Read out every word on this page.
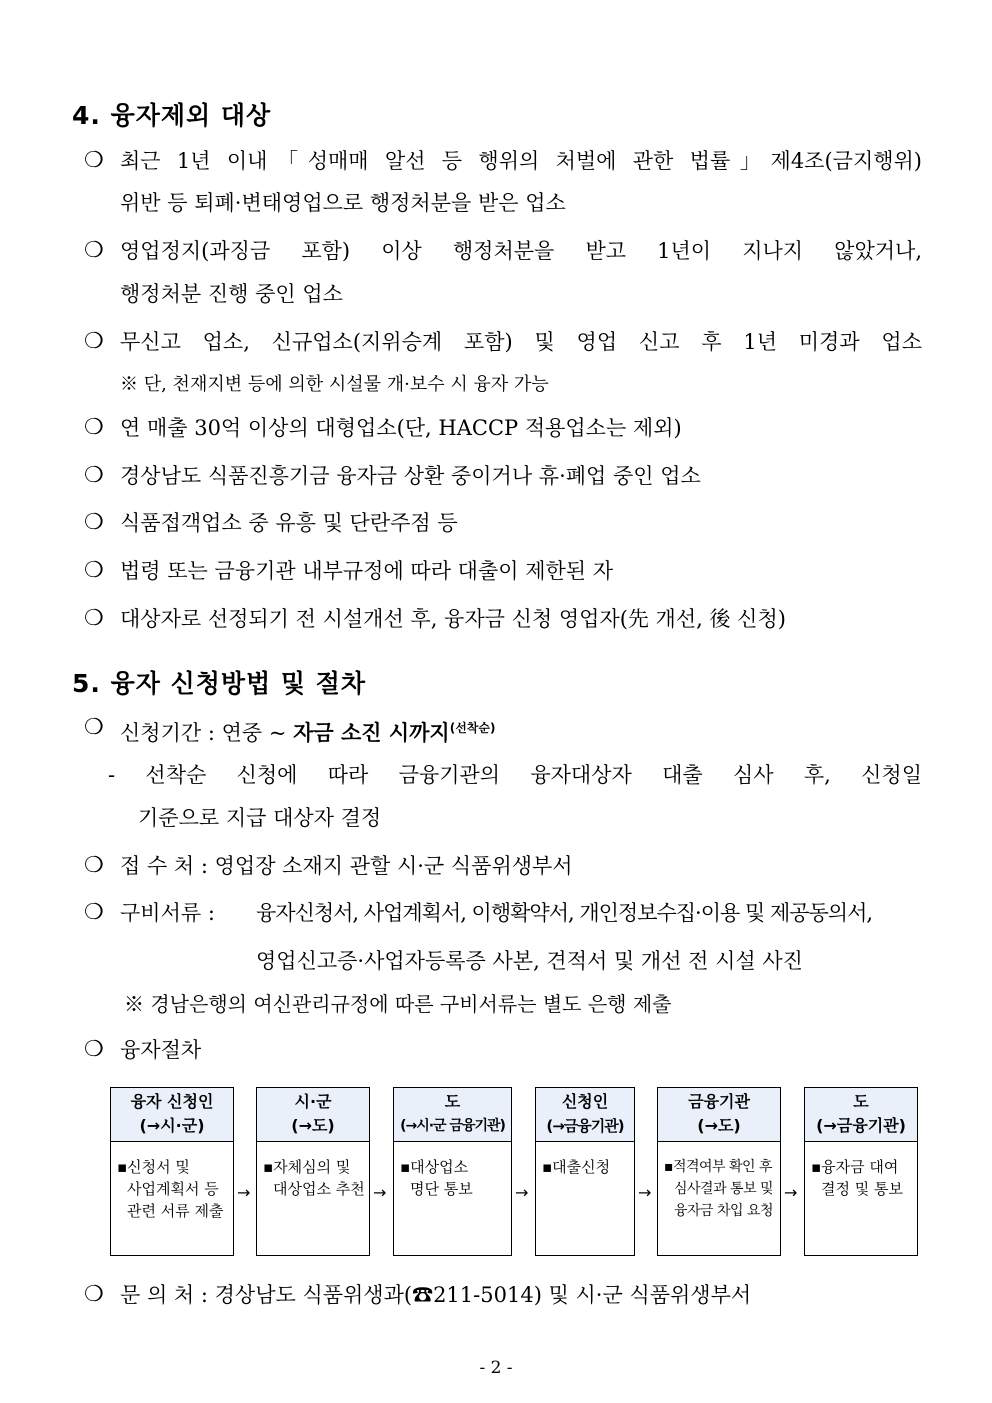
4. 융자제외 대상
❍ 최근 1년 이내「성매매 알선 등 행위의 처벌에 관한 법률」제4조(금지행위)
위반 등 퇴폐·변태영업으로 행정처분을 받은 업소
❍ 영업정지(과징금 포함) 이상 행정처분을 받고 1년이 지나지 않았거나,
행정처분 진행 중인 업소
❍ 무신고 업소, 신규업소(지위승계 포함) 및 영업 신고 후 1년 미경과 업소
※ 단, 천재지변 등에 의한 시설물 개·보수 시 융자 가능
❍ 연 매출 30억 이상의 대형업소(단, HACCP 적용업소는 제외)
❍ 경상남도 식품진흥기금 융자금 상환 중이거나 휴·폐업 중인 업소
❍ 식품접객업소 중 유흥 및 단란주점 등
❍ 법령 또는 금융기관 내부규정에 따라 대출이 제한된 자
❍ 대상자로 선정되기 전 시설개선 후, 융자금 신청 영업자(先 개선, 後 신청)
5. 융자 신청방법 및 절차
❍ 신청기간 : 연중 ~ 자금 소진 시까지$^{(선착순)}$
- 선착순 신청에 따라 금융기관의 융자대상자 대출 심사 후, 신청일
기준으로 지급 대상자 결정
❍ 접 수 처 : 영업장 소재지 관할 시·군 식품위생부서
❍ 구비서류 : 융자신청서, 사업계획서, 이행확약서, 개인정보수집·이용 및 제공동의서,
영업신고증·사업자등록증 사본, 견적서 및 개선 전 시설 사진
※ 경남은행의 여신관리규정에 따른 구비서류는 별도 은행 제출
❍ 융자절차
융자 신청인
(→시·군)
▪신청서 및
사업계획서 등
관련 서류 제출
→
시·군
(→도)
▪자체심의 및
대상업소 추천 →
도
(→시·군 금융기관)
▪대상업소
명단 통보	→
신청인
(→금융기관)
▪대출신청
→
금융기관
(→도)
▪적격여부 확인 후
심사결과 통보 및
융자금 차입 요청
→
도
(→금융기관)
▪융자금 대여
결정 및 통보
❍ 문 의 처 : 경상남도 식품위생과(☎211-5014) 및 시·군 식품위생부서
- 2 -
